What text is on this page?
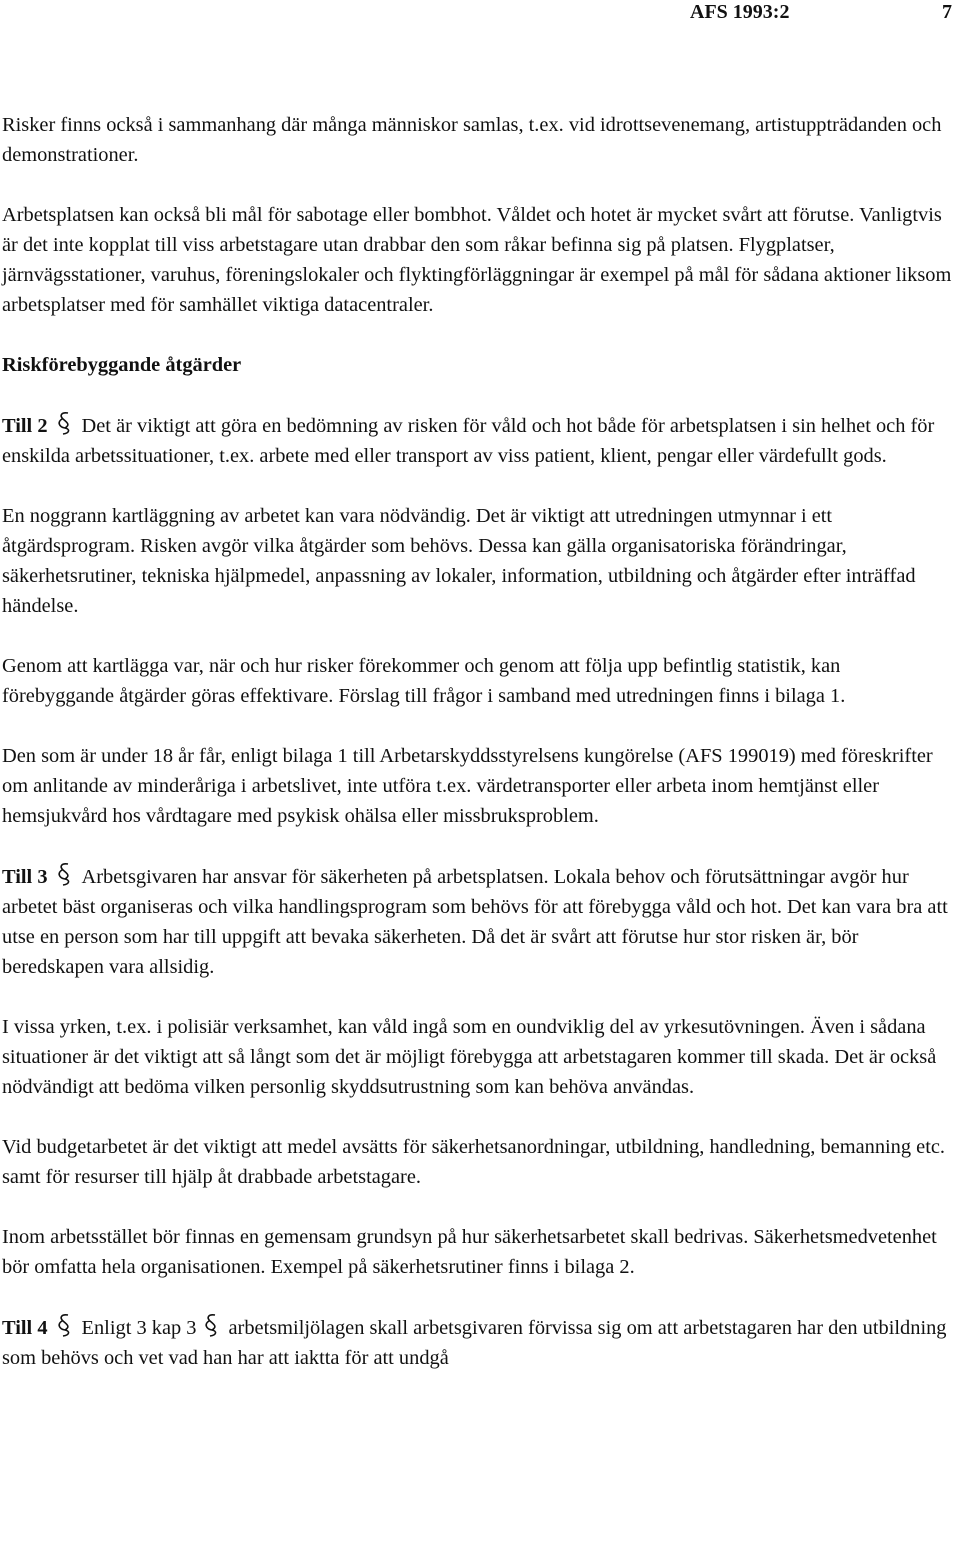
AFS 1993:2	7

Risker finns också i sammanhang där många människor samlas, t.ex. vid idrottsevenemang, artistuppträdanden och demonstrationer.

Arbetsplatsen kan också bli mål för sabotage eller bombhot. Våldet och hotet är mycket svårt att förutse. Vanligtvis är det inte kopplat till viss arbetstagare utan drabbar den som råkar befinna sig på platsen. Flygplatser, järnvägsstationer, varuhus, föreningslokaler och flyktingförläggningar är exempel på mål för sådana aktioner liksom arbetsplatser med för samhället viktiga datacentraler.

Riskförebyggande åtgärder

Till 2 Det är viktigt att göra en bedömning av risken för våld och hot både för arbetsplatsen i sin helhet och för enskilda arbetssituationer, t.ex. arbete med eller transport av viss patient, klient, pengar eller värdefullt gods.

En noggrann kartläggning av arbetet kan vara nödvändig. Det är viktigt att utredningen utmynnar i ett åtgärdsprogram. Risken avgör vilka åtgärder som behövs. Dessa kan gälla organisatoriska förändringar, säkerhetsrutiner, tekniska hjälpmedel, anpassning av lokaler, information, utbildning och åtgärder efter inträffad händelse.

Genom att kartlägga var, när och hur risker förekommer och genom att följa upp befintlig statistik, kan förebyggande åtgärder göras effektivare. Förslag till frågor i samband med utredningen finns i bilaga 1.

Den som är under 18 år får, enligt bilaga 1 till Arbetarskyddsstyrelsens kungörelse (AFS 199019) med föreskrifter om anlitande av minderåriga i arbetslivet, inte utföra t.ex. värdetransporter eller arbeta inom hemtjänst eller hemsjukvård hos vårdtagare med psykisk ohälsa eller missbruksproblem.

Till 3 Arbetsgivaren har ansvar för säkerheten på arbetsplatsen. Lokala behov och förutsättningar avgör hur arbetet bäst organiseras och vilka handlingsprogram som behövs för att förebygga våld och hot. Det kan vara bra att utse en person som har till uppgift att bevaka säkerheten. Då det är svårt att förutse hur stor risken är, bör beredskapen vara allsidig.

I vissa yrken, t.ex. i polisiär verksamhet, kan våld ingå som en oundviklig del av yrkesutövningen. Även i sådana situationer är det viktigt att så långt som det är möjligt förebygga att arbetstagaren kommer till skada. Det är också nödvändigt att bedöma vilken personlig skyddsutrustning som kan behöva användas.

Vid budgetarbetet är det viktigt att medel avsätts för säkerhetsanordningar, utbildning, handledning, bemanning etc. samt för resurser till hjälp åt drabbade arbetstagare.

Inom arbetsstället bör finnas en gemensam grundsyn på hur säkerhetsarbetet skall bedrivas. Säkerhetsmedvetenhet bör omfatta hela organisationen. Exempel på säkerhetsrutiner finns i bilaga 2.

Till 4 Enligt 3 kap 3 arbetsmiljölagen skall arbetsgivaren förvissa sig om att arbetstagaren har den utbildning som behövs och vet vad han har att iaktta för att undgå
